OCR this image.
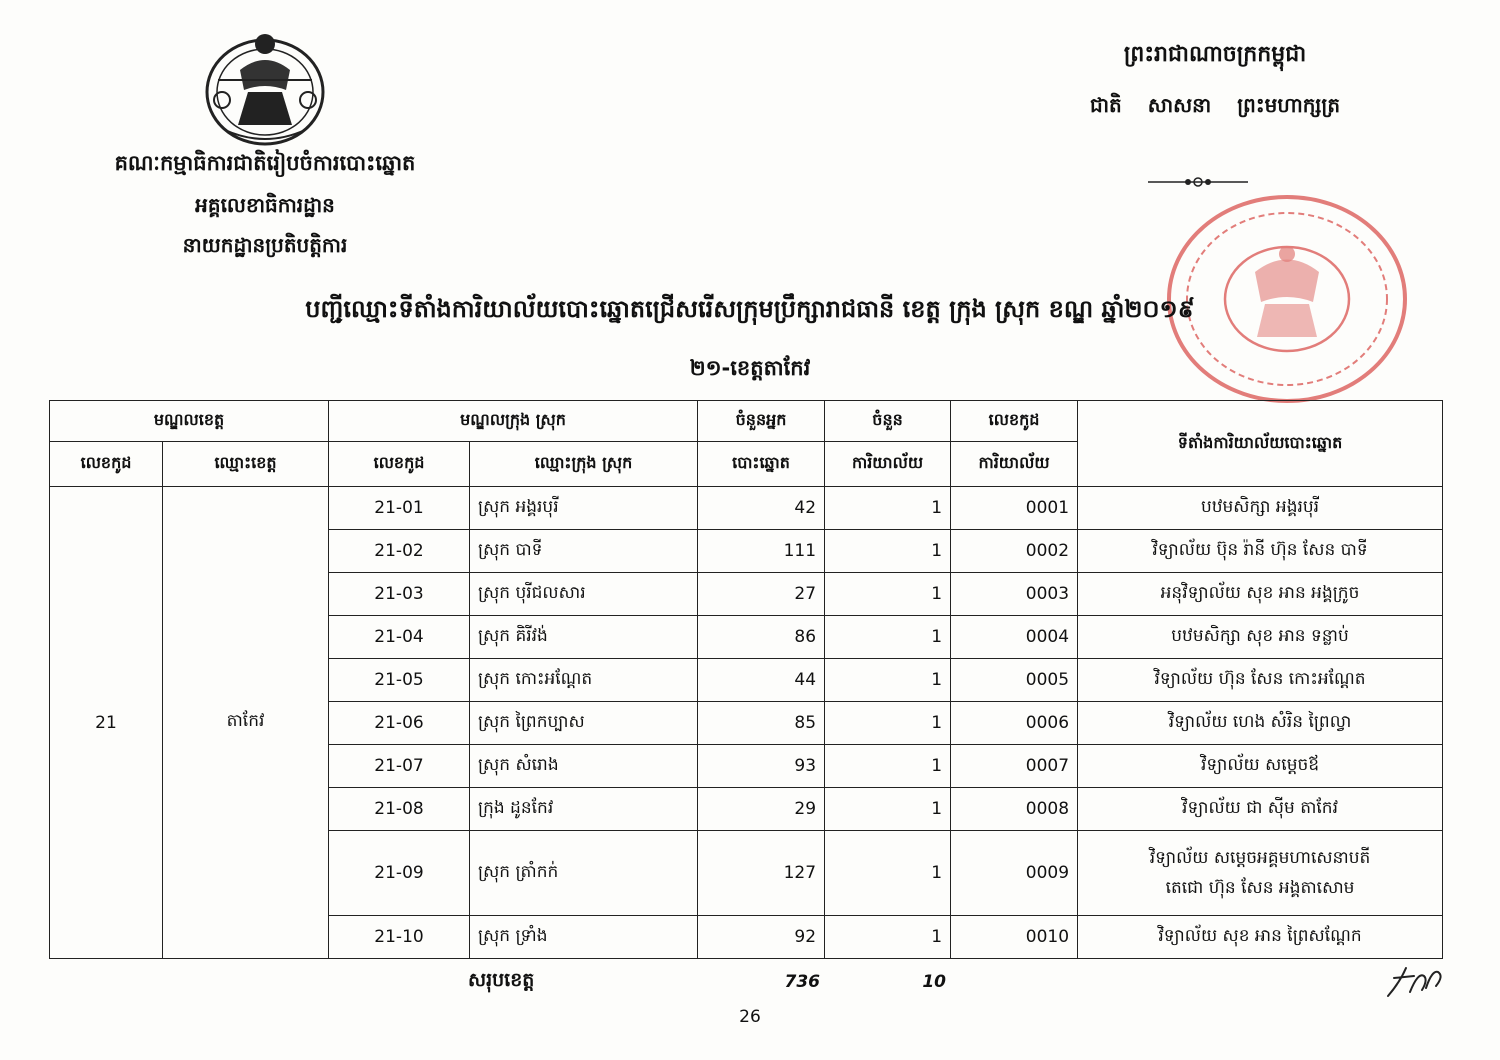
គណៈកម្មាធិការជាតិរៀបចំការបោះឆ្នោត
អគ្គលេខាធិការដ្ឋាន
នាយកដ្ឋានប្រតិបត្តិការ
ព្រះរាជាណាចក្រកម្ពុជា
ជាតិ សាសនា ព្រះមហាក្សត្រ
បញ្ជីឈ្មោះទីតាំងការិយាល័យបោះឆ្នោតជ្រើសរើសក្រុមប្រឹក្សារាជធានី ខេត្ត ក្រុង ស្រុក ខណ្ឌ ឆ្នាំ២០១៩
២១-ខេត្តតាកែវ
មណ្ឌលខេត្ត		មណ្ឌលក្រុង ស្រុក		ចំនួនអ្នក	ចំនួន	លេខកូដ	ទីតាំងការិយាល័យបោះឆ្នោត
លេខកូដ	ឈ្មោះខេត្ត	លេខកូដ	ឈ្មោះក្រុង ស្រុក	បោះឆ្នោត	ការិយាល័យ	ការិយាល័យ	
21	តាកែវ	21-01	ស្រុក អង្គរបុរី	42	1	0001	បឋមសិក្សា អង្គរបុរី
		21-02	ស្រុក បាទី	111	1	0002	វិទ្យាល័យ ប៊ុន រ៉ានី ហ៊ុន សែន បាទី
		21-03	ស្រុក បុរីជលសារ	27	1	0003	អនុវិទ្យាល័យ សុខ អាន អង្គក្រូច
		21-04	ស្រុក គិរីវង់	86	1	0004	បឋមសិក្សា សុខ អាន ទន្លាប់
		21-05	ស្រុក កោះអណ្តែត	44	1	0005	វិទ្យាល័យ ហ៊ុន សែន កោះអណ្តែត
		21-06	ស្រុក ព្រៃកប្បាស	85	1	0006	វិទ្យាល័យ ហេង សំរិន ព្រៃល្វា
		21-07	ស្រុក សំរោង	93	1	0007	វិទ្យាល័យ សម្តេចឪ
		21-08	ក្រុង ដូនកែវ	29	1	0008	វិទ្យាល័យ ជា ស៊ីម តាកែវ
		21-09	ស្រុក ត្រាំកក់	127	1	0009	វិទ្យាល័យ សម្តេចអគ្គមហាសេនាបតី
តេជោ ហ៊ុន សែន អង្គតាសោម

		21-10	ស្រុក ទ្រាំង	92	1	0010	វិទ្យាល័យ សុខ អាន ព្រៃសណ្តែក
សរុបខេត្ត	736	10
26
